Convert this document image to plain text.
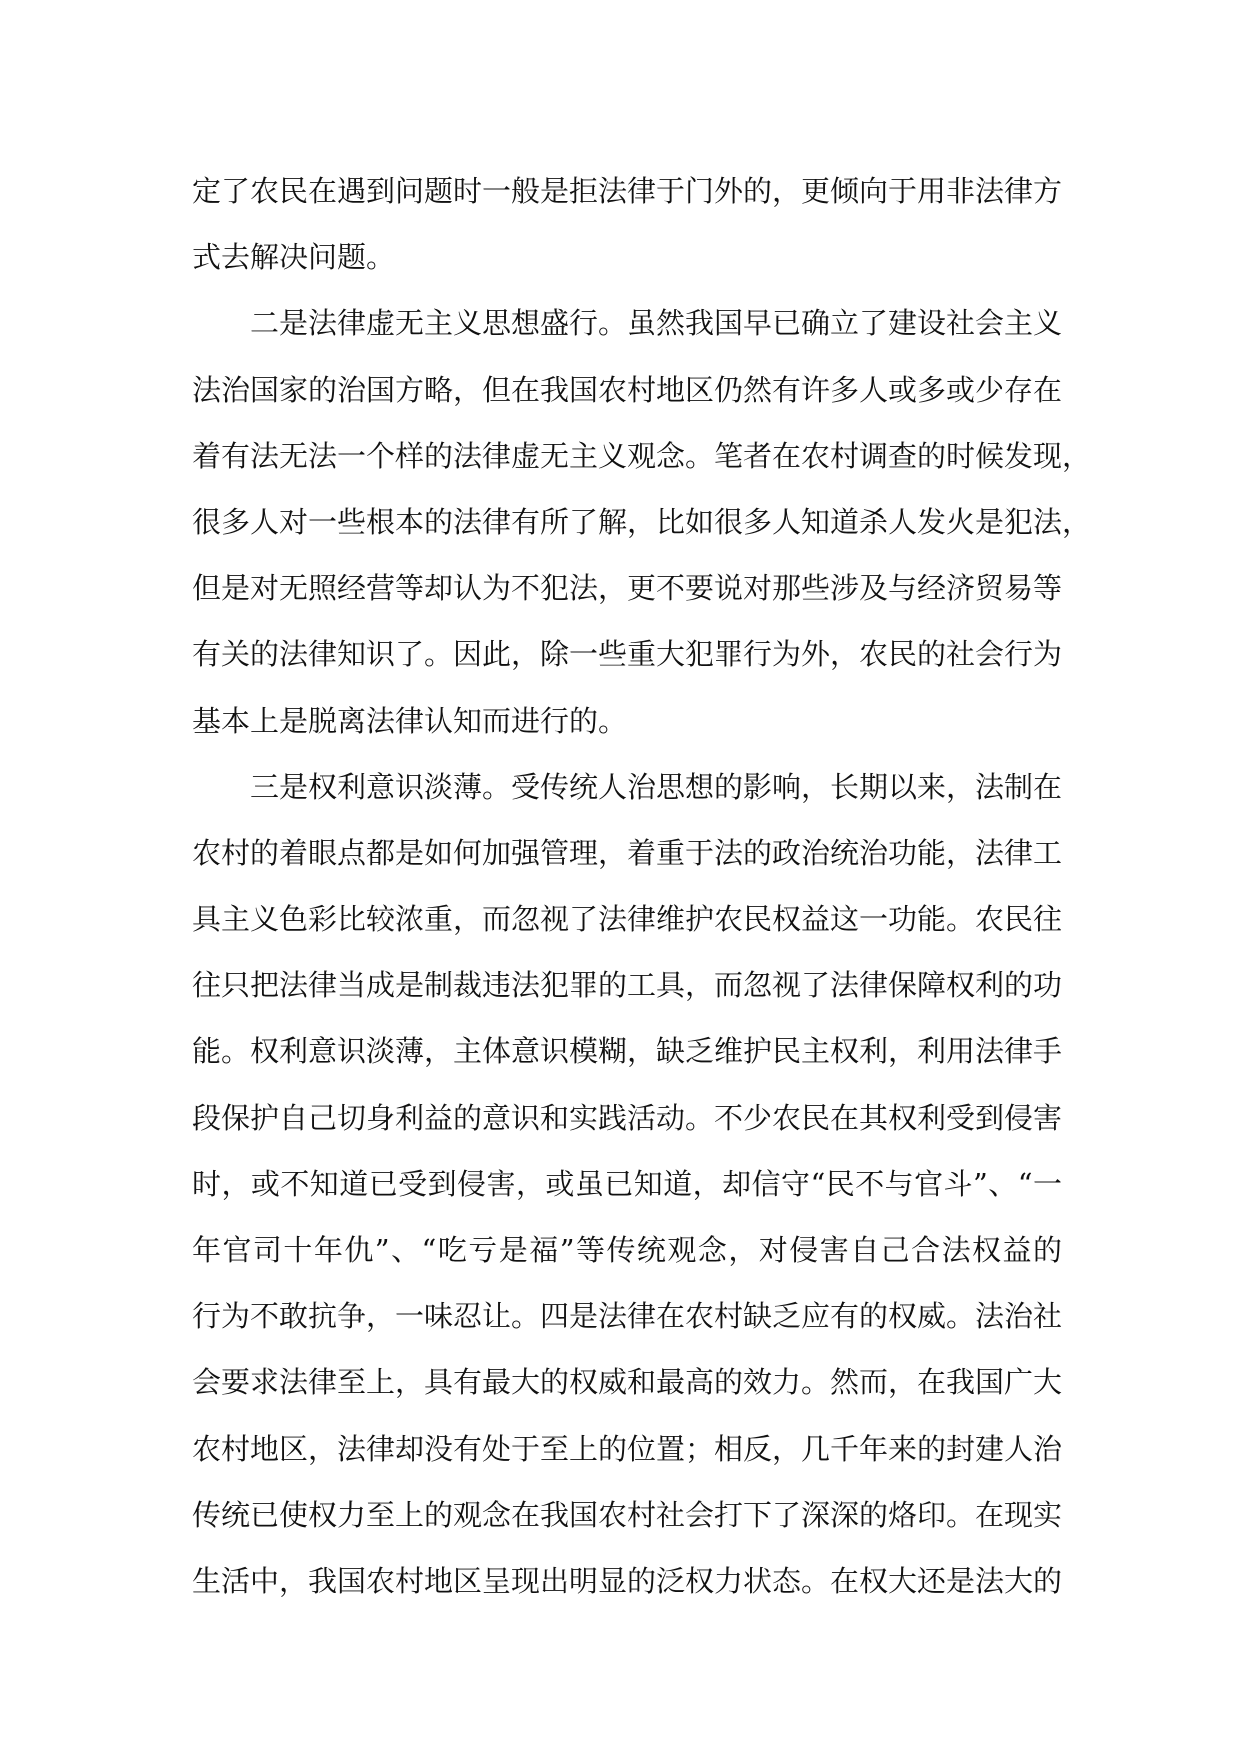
定了农民在遇到问题时一般是拒法律于门外的，更倾向于用非法律方
式去解决问题。
二是法律虚无主义思想盛行。虽然我国早已确立了建设社会主义
法治国家的治国方略，但在我国农村地区仍然有许多人或多或少存在
着有法无法一个样的法律虚无主义观念。笔者在农村调查的时候发现，
很多人对一些根本的法律有所了解，比如很多人知道杀人发火是犯法，
但是对无照经营等却认为不犯法，更不要说对那些涉及与经济贸易等
有关的法律知识了。因此，除一些重大犯罪行为外，农民的社会行为
基本上是脱离法律认知而进行的。
三是权利意识淡薄。受传统人治思想的影响，长期以来，法制在
农村的着眼点都是如何加强管理，着重于法的政治统治功能，法律工
具主义色彩比较浓重，而忽视了法律维护农民权益这一功能。农民往
往只把法律当成是制裁违法犯罪的工具，而忽视了法律保障权利的功
能。权利意识淡薄，主体意识模糊，缺乏维护民主权利，利用法律手
段保护自己切身利益的意识和实践活动。不少农民在其权利受到侵害
时，或不知道已受到侵害，或虽已知道，却信守“民不与官斗”、“一
年官司十年仇”、“吃亏是福”等传统观念，对侵害自己合法权益的
行为不敢抗争，一味忍让。四是法律在农村缺乏应有的权威。法治社
会要求法律至上，具有最大的权威和最高的效力。然而，在我国广大
农村地区，法律却没有处于至上的位置；相反，几千年来的封建人治
传统已使权力至上的观念在我国农村社会打下了深深的烙印。在现实
生活中，我国农村地区呈现出明显的泛权力状态。在权大还是法大的
